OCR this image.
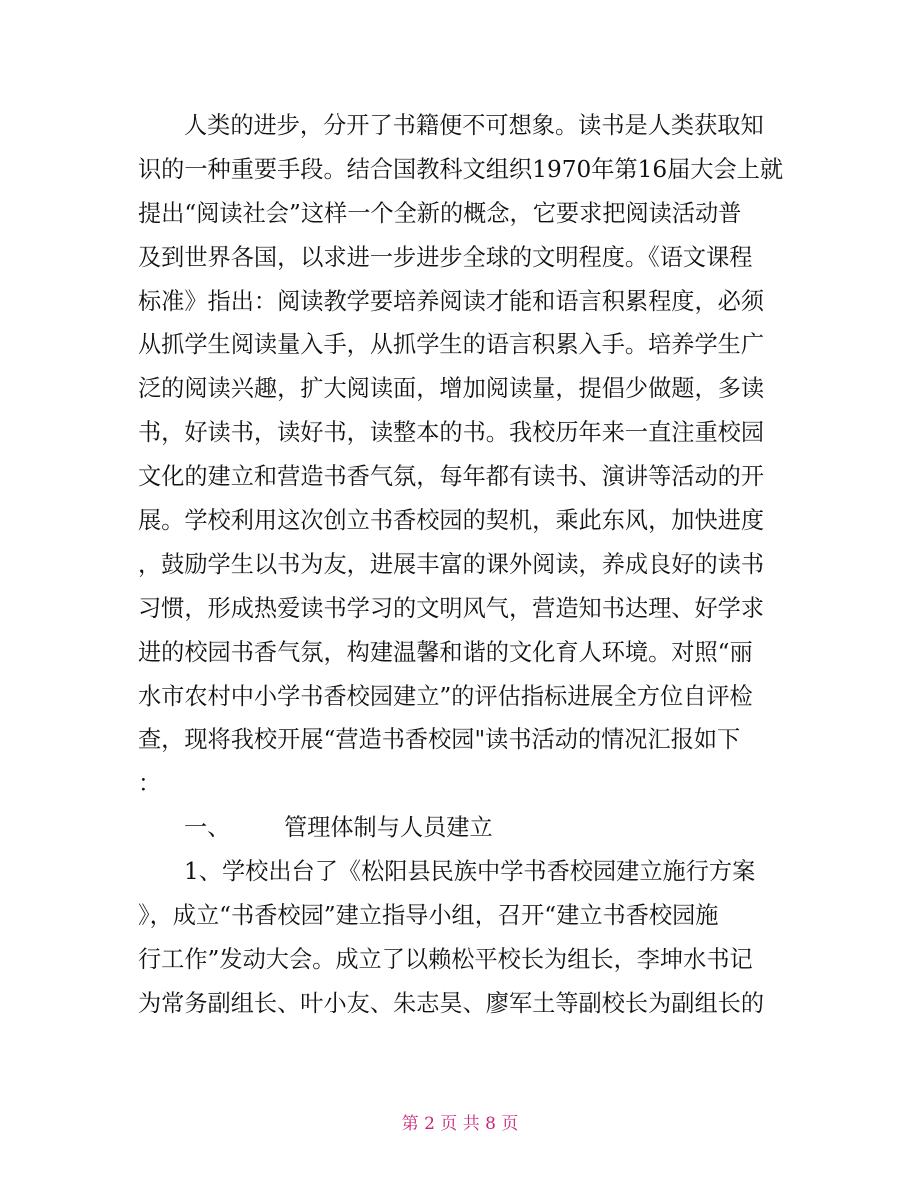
人类的进步，分开了书籍便不可想象。读书是人类获取知
识的一种重要手段。结合国教科文组织1970年第16届大会上就
提出“阅读社会”这样一个全新的概念，它要求把阅读活动普
及到世界各国，以求进一步进步全球的文明程度。《语文课程
标准》指出：阅读教学要培养阅读才能和语言积累程度，必须
从抓学生阅读量入手，从抓学生的语言积累入手。培养学生广
泛的阅读兴趣，扩大阅读面，增加阅读量，提倡少做题，多读
书，好读书，读好书，读整本的书。我校历年来一直注重校园
文化的建立和营造书香气氛，每年都有读书、演讲等活动的开
展。学校利用这次创立书香校园的契机，乘此东风，加快进度
，鼓励学生以书为友，进展丰富的课外阅读，养成良好的读书
习惯，形成热爱读书学习的文明风气，营造知书达理、好学求
进的校园书香气氛，构建温馨和谐的文化育人环境。对照“丽
水市农村中小学书香校园建立”的评估指标进展全方位自评检
查，现将我校开展“营造书香校园"读书活动的情况汇报如下
：
一、 管理体制与人员建立
1、学校出台了《松阳县民族中学书香校园建立施行方案
》，成立“书香校园”建立指导小组，召开“建立书香校园施
行工作”发动大会。成立了以赖松平校长为组长，李坤水书记
为常务副组长、叶小友、朱志昊、廖军土等副校长为副组长的
第 2 页 共 8 页
